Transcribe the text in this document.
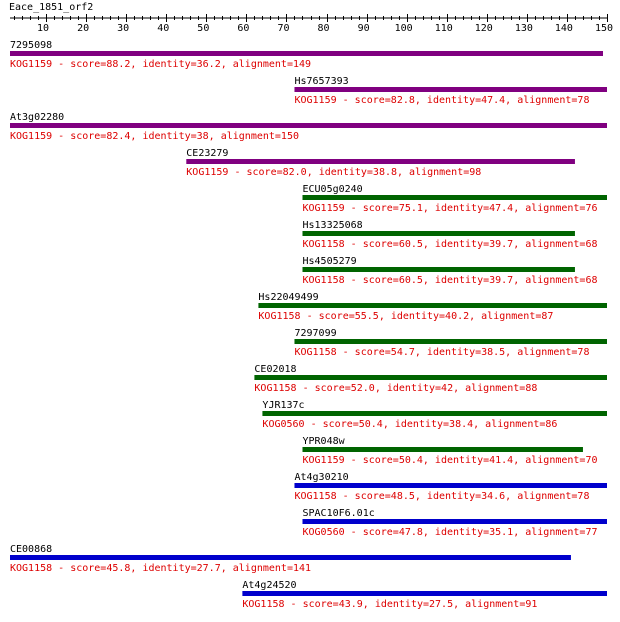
Eace_1851_orf2
10	20	30	40	50	60	70	80	90	100 110 120 130 140 150
7295098
KOG1159 - score=88.2, identity=36.2, alignment=149
Hs7657393
KOG1159 - score=82.8, identity=47.4, alignment=78
At3g02280
KOG1159 - score=82.4, identity=38, alignment=150
CE23279
KOG1159 - score=82.0, identity=38.8, alignment=98
ECU05g0240
KOG1159 - score=75.1, identity=47.4, alignment=76
Hs13325068
KOG1158 - score=60.5, identity=39.7, alignment=68
Hs4505279
KOG1158 - score=60.5, identity=39.7, alignment=68
Hs22049499
KOG1158 - score=55.5, identity=40.2, alignment=87
7297099
KOG1158 - score=54.7, identity=38.5, alignment=78
CE02018
KOG1158 - score=52.0, identity=42, alignment=88
YJR137c
KOG0560 - score=50.4, identity=38.4, alignment=86
YPR048w
KOG1159 - score=50.4, identity=41.4, alignment=70
At4g30210
KOG1158 - score=48.5, identity=34.6, alignment=78
SPAC10F6.01c
KOG0560 - score=47.8, identity=35.1, alignment=77
CE00868
KOG1158 - score=45.8, identity=27.7, alignment=141
At4g24520
KOG1158 - score=43.9, identity=27.5, alignment=91
